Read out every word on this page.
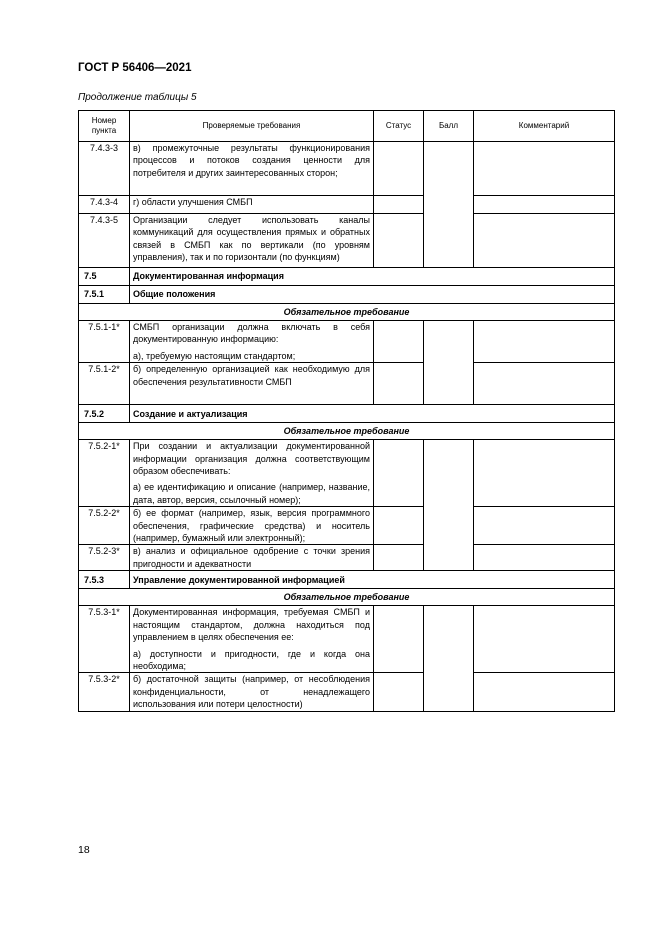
ГОСТ Р 56406—2021
Продолжение таблицы 5
Номер пункта	Проверяемые требования	Статус	Балл	Комментарий
7.4.3-3	в) промежуточные результаты функционирования процессов и потоков создания ценности для потребителя и других заинтересованных сторон;			
7.4.3-4	г) области улучшения СМБП			
7.4.3-5	Организации следует использовать каналы коммуникаций для осуществления прямых и обратных связей в СМБП как по вертикали (по уровням управления), так и по горизонтали (по функциям)			
7.5	Документированная информация			
7.5.1	Общие положения			
Обязательное требование				
7.5.1-1*	СМБП организации должна включать в себя документированную информацию:

а), требуемую настоящим стандартом;			

7.5.1-2*	б) определенную организацией как необходимую для обеспечения результативности СМБП			
7.5.2	Создание и актуализация			
Обязательное требование				
7.5.2-1*	При создании и актуализации документированной информации организация должна соответствующим образом обеспечивать:

а) ее идентификацию и описание (например, название, дата, автор, версия, ссылочный номер);			

7.5.2-2*	б) ее формат (например, язык, версия программного обеспечения, графические средства) и носитель (например, бумажный или электронный);			
7.5.2-3*	в) анализ и официальное одобрение с точки зрения пригодности и адекватности			
7.5.3	Управление документированной информацией			
Обязательное требование				
7.5.3-1*	Документированная информация, требуемая СМБП и настоящим стандартом, должна находиться под управлением в целях обеспечения ее:

а) доступности и пригодности, где и когда она необходима;			

7.5.3-2*	б) достаточной защиты (например, от несоблюдения конфиденциальности, от ненадлежащего использования или потери целостности)			
18
